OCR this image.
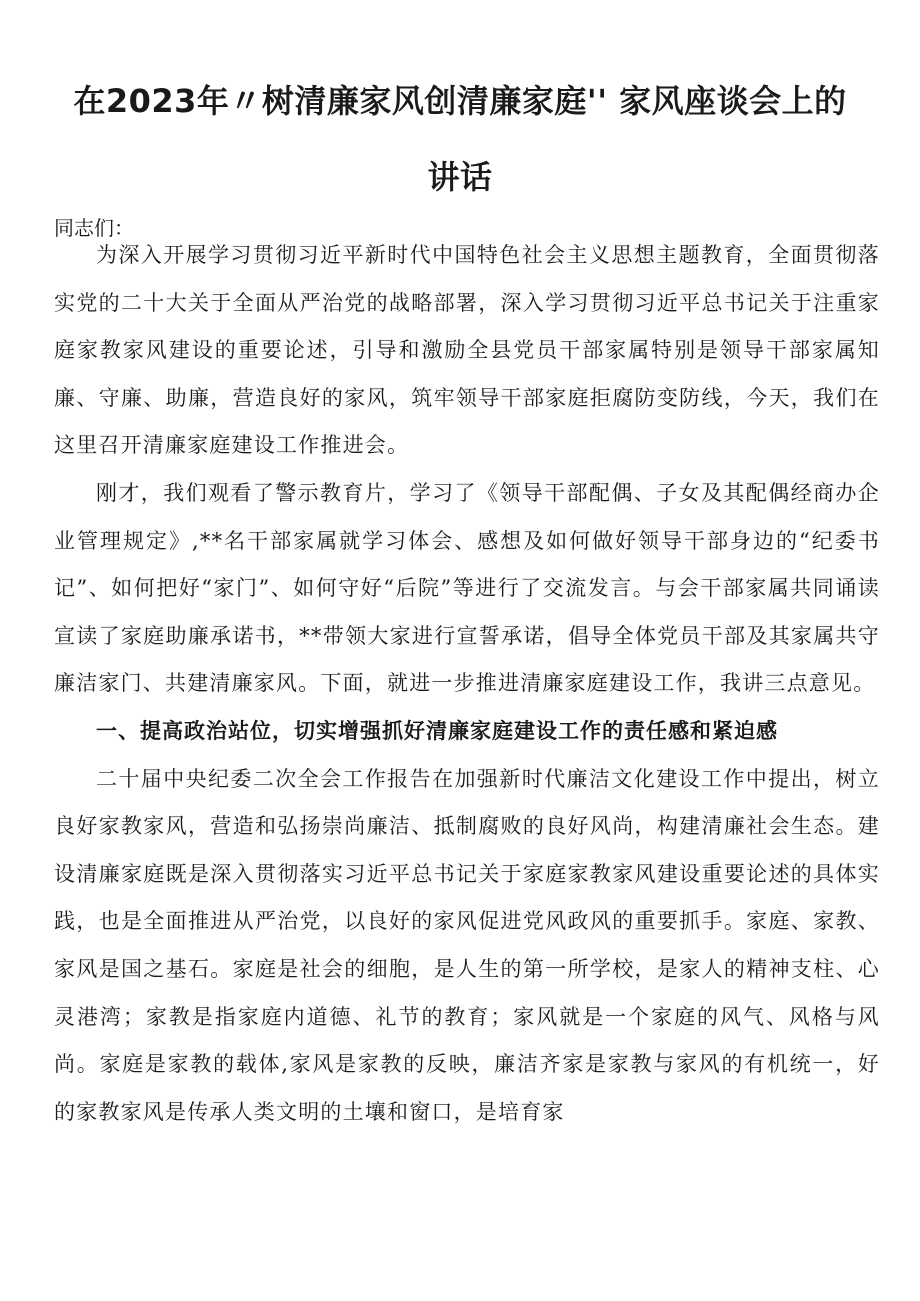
在2023年〃树清廉家风创清廉家庭'' 家风座谈会上的
讲话
同志们：

为深入开展学习贯彻习近平新时代中国特色社会主义思想主题教育，全面贯彻落实党的二十大关于全面从严治党的战略部署，深入学习贯彻习近平总书记关于注重家庭家教家风建设的重要论述，引导和激励全县党员干部家属特别是领导干部家属知廉、守廉、助廉，营造良好的家风，筑牢领导干部家庭拒腐防变防线，今天，我们在这里召开清廉家庭建设工作推进会。

刚才，我们观看了警示教育片，学习了《领导干部配偶、子女及其配偶经商办企业管理规定》,**名干部家属就学习体会、感想及如何做好领导干部身边的“纪委书记”、如何把好“家门”、如何守好“后院”等进行了交流发言。与会干部家属共同诵读宣读了家庭助廉承诺书，**带领大家进行宣誓承诺，倡导全体党员干部及其家属共守廉洁家门、共建清廉家风。下面，就进一步推进清廉家庭建设工作，我讲三点意见。

一、提高政治站位，切实增强抓好清廉家庭建设工作的责任感和紧迫感

二十届中央纪委二次全会工作报告在加强新时代廉洁文化建设工作中提出，树立良好家教家风，营造和弘扬崇尚廉洁、抵制腐败的良好风尚，构建清廉社会生态。建设清廉家庭既是深入贯彻落实习近平总书记关于家庭家教家风建设重要论述的具体实践，也是全面推进从严治党，以良好的家风促进党风政风的重要抓手。家庭、家教、家风是国之基石。家庭是社会的细胞，是人生的第一所学校，是家人的精神支柱、心灵港湾；家教是指家庭内道德、礼节的教育；家风就是一个家庭的风气、风格与风尚。家庭是家教的载体,家风是家教的反映，廉洁齐家是家教与家风的有机统一，好的家教家风是传承人类文明的土壤和窗口，是培育家
